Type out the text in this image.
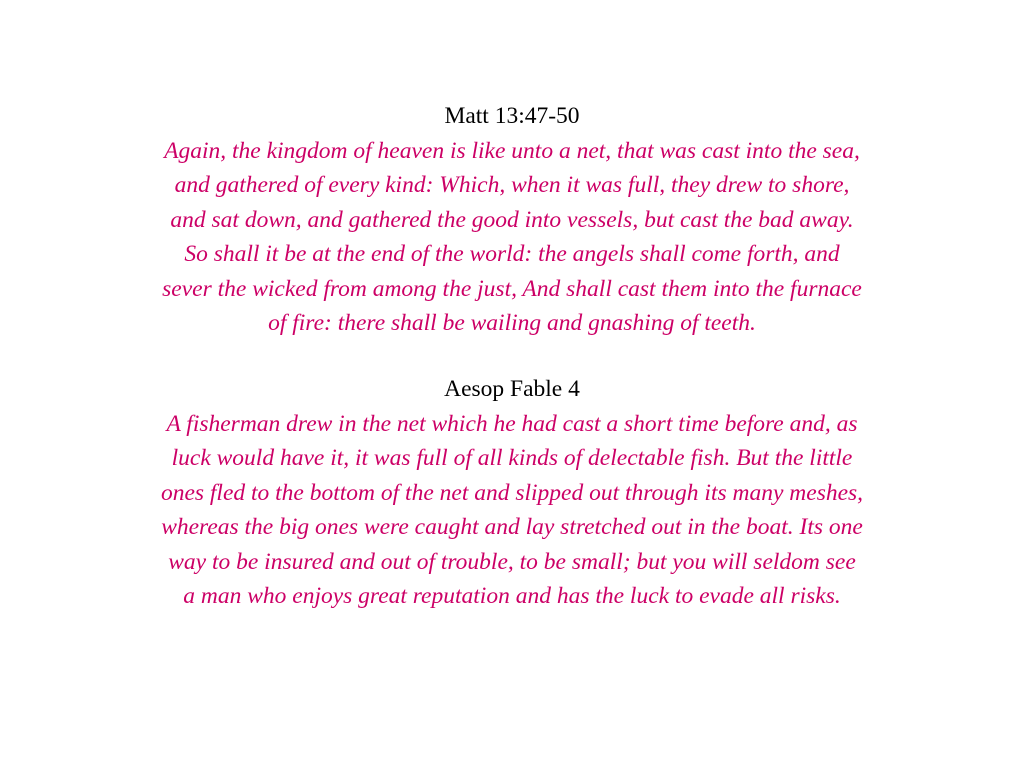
Matt 13:47-50

Again, the kingdom of heaven is like unto a net, that was cast into the sea,
and gathered of every kind: Which, when it was full, they drew to shore,
and sat down, and gathered the good into vessels, but cast the bad away.
So shall it be at the end of the world: the angels shall come forth, and
sever the wicked from among the just, And shall cast them into the furnace
of fire: there shall be wailing and gnashing of teeth.

Aesop Fable 4

A fisherman drew in the net which he had cast a short time before and, as
luck would have it, it was full of all kinds of delectable fish. But the little
ones fled to the bottom of the net and slipped out through its many meshes,
whereas the big ones were caught and lay stretched out in the boat. Its one
way to be insured and out of trouble, to be small; but you will seldom see
a man who enjoys great reputation and has the luck to evade all risks.
